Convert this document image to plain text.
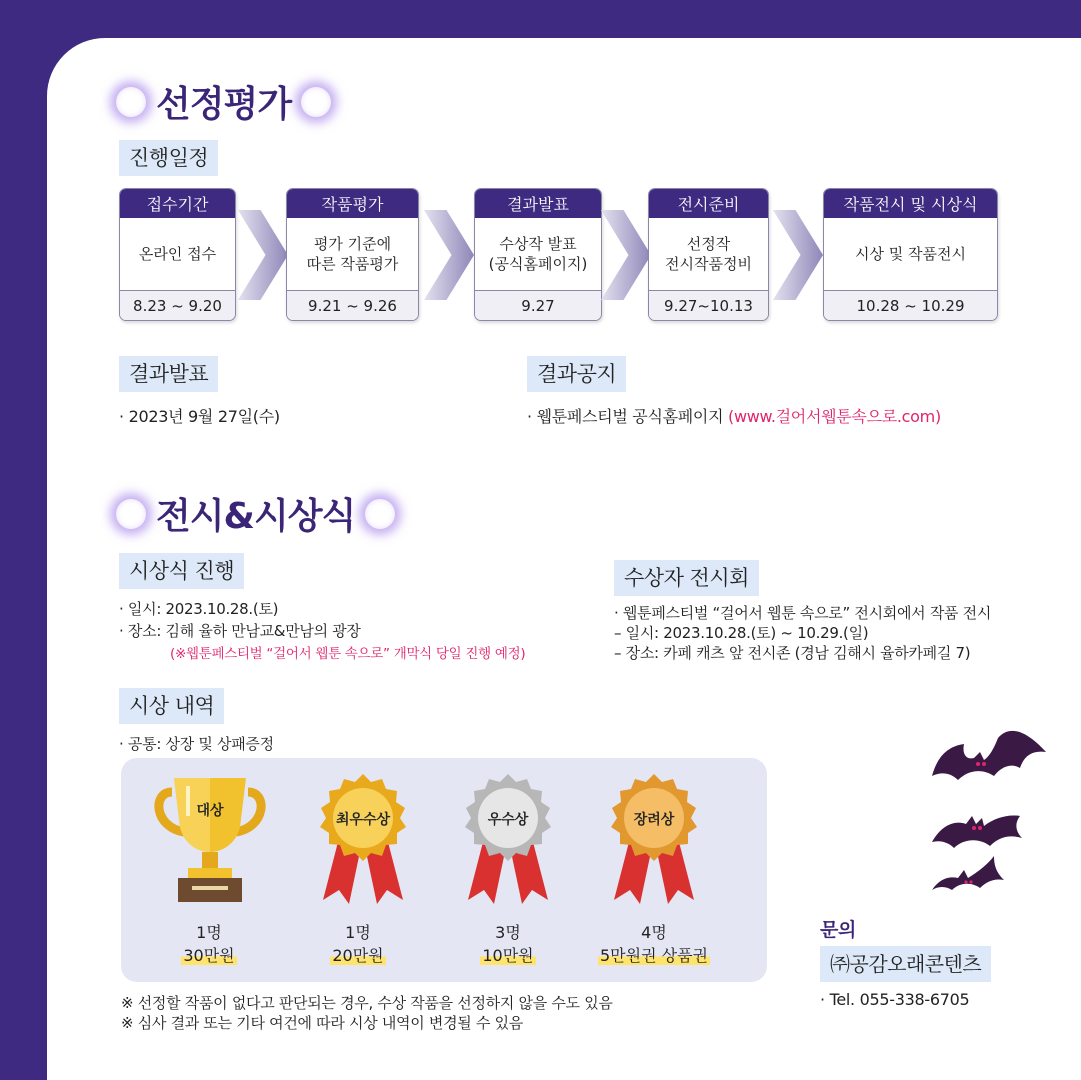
선정평가
진행일정
접수기간
온라인 접수
8.23 ~ 9.20
작품평가
평가 기준에
따른 작품평가
9.21 ~ 9.26
결과발표
수상작 발표
(공식홈페이지)
9.27
전시준비
선정작
전시작품정비
9.27~10.13
작품전시 및 시상식
시상 및 작품전시
10.28 ~ 10.29
결과발표
· 2023년 9월 27일(수)
결과공지
· 웹툰페스티벌 공식홈페이지 (www.걸어서웹툰속으로.com)
전시&시상식
시상식 진행
· 일시: 2023.10.28.(토)
· 장소: 김해 율하 만남교&만남의 광장
(※웹툰페스티벌 “걸어서 웹툰 속으로” 개막식 당일 진행 예정)
수상자 전시회
· 웹툰페스티벌 “걸어서 웹툰 속으로” 전시회에서 작품 전시
– 일시: 2023.10.28.(토) ~ 10.29.(일)
– 장소: 카페 캐츠 앞 전시존 (경남 김해시 율하카페길 7)
시상 내역
· 공통: 상장 및 상패증정
대상
최우수상	우수상	장려상
1명
30만원
1명
20만원
3명
10만원
4명
5만원권 상품권
※ 선정할 작품이 없다고 판단되는 경우, 수상 작품을 선정하지 않을 수도 있음
※ 심사 결과 또는 기타 여건에 따라 시상 내역이 변경될 수 있음
문의
㈜공감오래콘텐츠
· Tel. 055-338-6705
